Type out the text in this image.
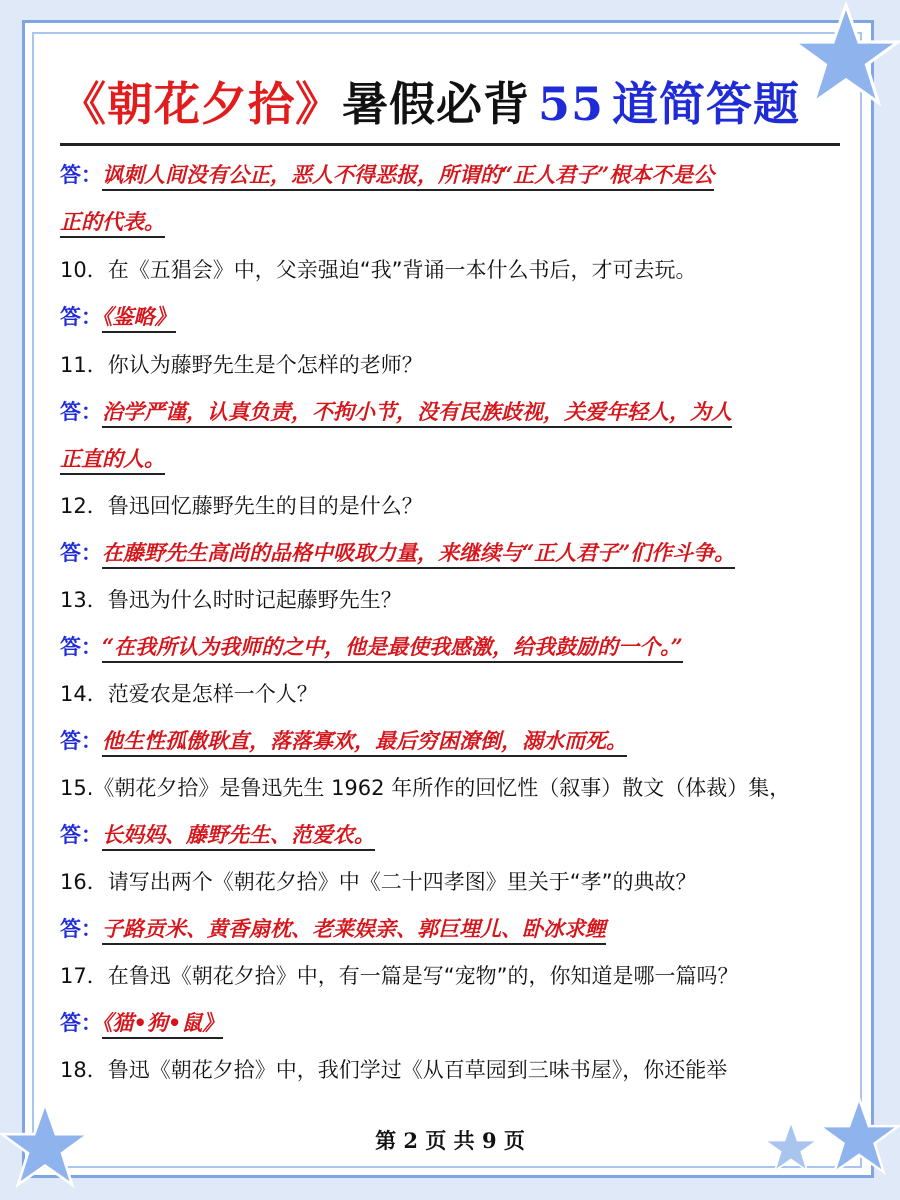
《朝花夕拾》暑假必背 55 道简答题
答：讽刺人间没有公正，恶人不得恶报，所谓的“正人君子”根本不是公
正的代表。
10．在《五猖会》中，父亲强迫“我”背诵一本什么书后，才可去玩。
答：《鉴略》
11．你认为藤野先生是个怎样的老师？
答：治学严谨，认真负责，不拘小节，没有民族歧视，关爱年轻人，为人
正直的人。
12．鲁迅回忆藤野先生的目的是什么？
答：在藤野先生高尚的品格中吸取力量，来继续与“正人君子”们作斗争。
13．鲁迅为什么时时记起藤野先生？
答：“在我所认为我师的之中，他是最使我感激，给我鼓励的一个。”
14．范爱农是怎样一个人？
答：他生性孤傲耿直，落落寡欢，最后穷困潦倒，溺水而死。
15.《朝花夕拾》是鲁迅先生 1962 年所作的回忆性（叙事）散文（体裁）集，
答：长妈妈、藤野先生、范爱农。
16．请写出两个《朝花夕拾》中《二十四孝图》里关于“孝”的典故？
答：子路贡米、黄香扇枕、老莱娱亲、郭巨埋儿、卧冰求鲤
17．在鲁迅《朝花夕拾》中，有一篇是写“宠物”的，你知道是哪一篇吗？
答：《猫•狗•鼠》
18．鲁迅《朝花夕拾》中，我们学过《从百草园到三味书屋》，你还能举
第 2 页 共 9 页
